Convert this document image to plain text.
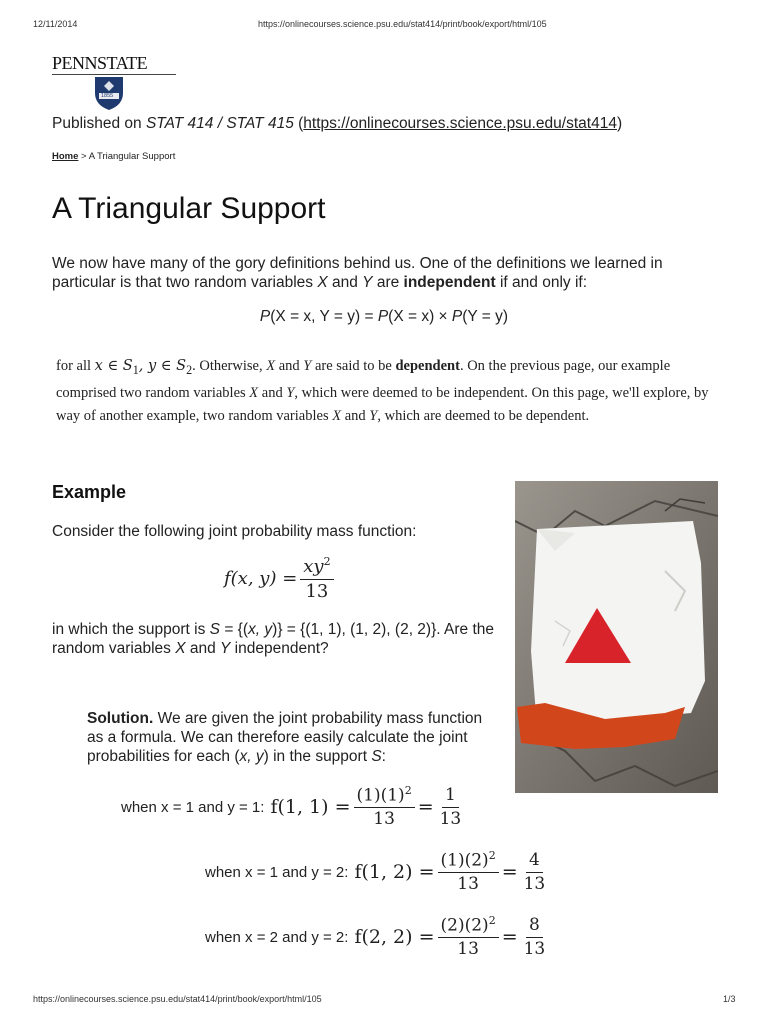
12/11/2014	https://onlinecourses.science.psu.edu/stat414/print/book/export/html/105
PENNSTATE
1855
Published on STAT 414 / STAT 415 (https://onlinecourses.science.psu.edu/stat414)
Home > A Triangular Support
A Triangular Support
We now have many of the gory definitions behind us. One of the definitions we learned in particular is that two random variables X and Y are independent if and only if:
P(X = x, Y = y) = P(X = x) × P(Y = y)
for all x ∈ $S_1$, y ∈ $S_2$. Otherwise, X and Y are said to be dependent. On the previous page, our example comprised two random variables X and Y, which were deemed to be independent. On this page, we'll explore, by way of another example, two random variables X and Y, which are deemed to be dependent.
Example
Consider the following joint probability mass function:
f(x, $y) = \frac{xy^2}{13}$
in which the support is S = {(x, y)} = {(1, 1), (1, 2), (2, 2)}. Are the random variables X and Y independent?
Solution. We are given the joint probability mass function as a formula. We can therefore easily calculate the joint probabilities for each (x, y) in the support S:
when x = 1 and y = 1: f(1, $1) = \frac{(1)(1)^2}{13} = \frac{1}{13}$
when x = 1 and y = 2: f(1, $2) = \frac{(1)(2)^2}{13} = \frac{4}{13}$
when x = 2 and y = 2: f(2, $2) = \frac{(2)(2)^2}{13} = \frac{8}{13}$
https://onlinecourses.science.psu.edu/stat414/print/book/export/html/105	1/3
